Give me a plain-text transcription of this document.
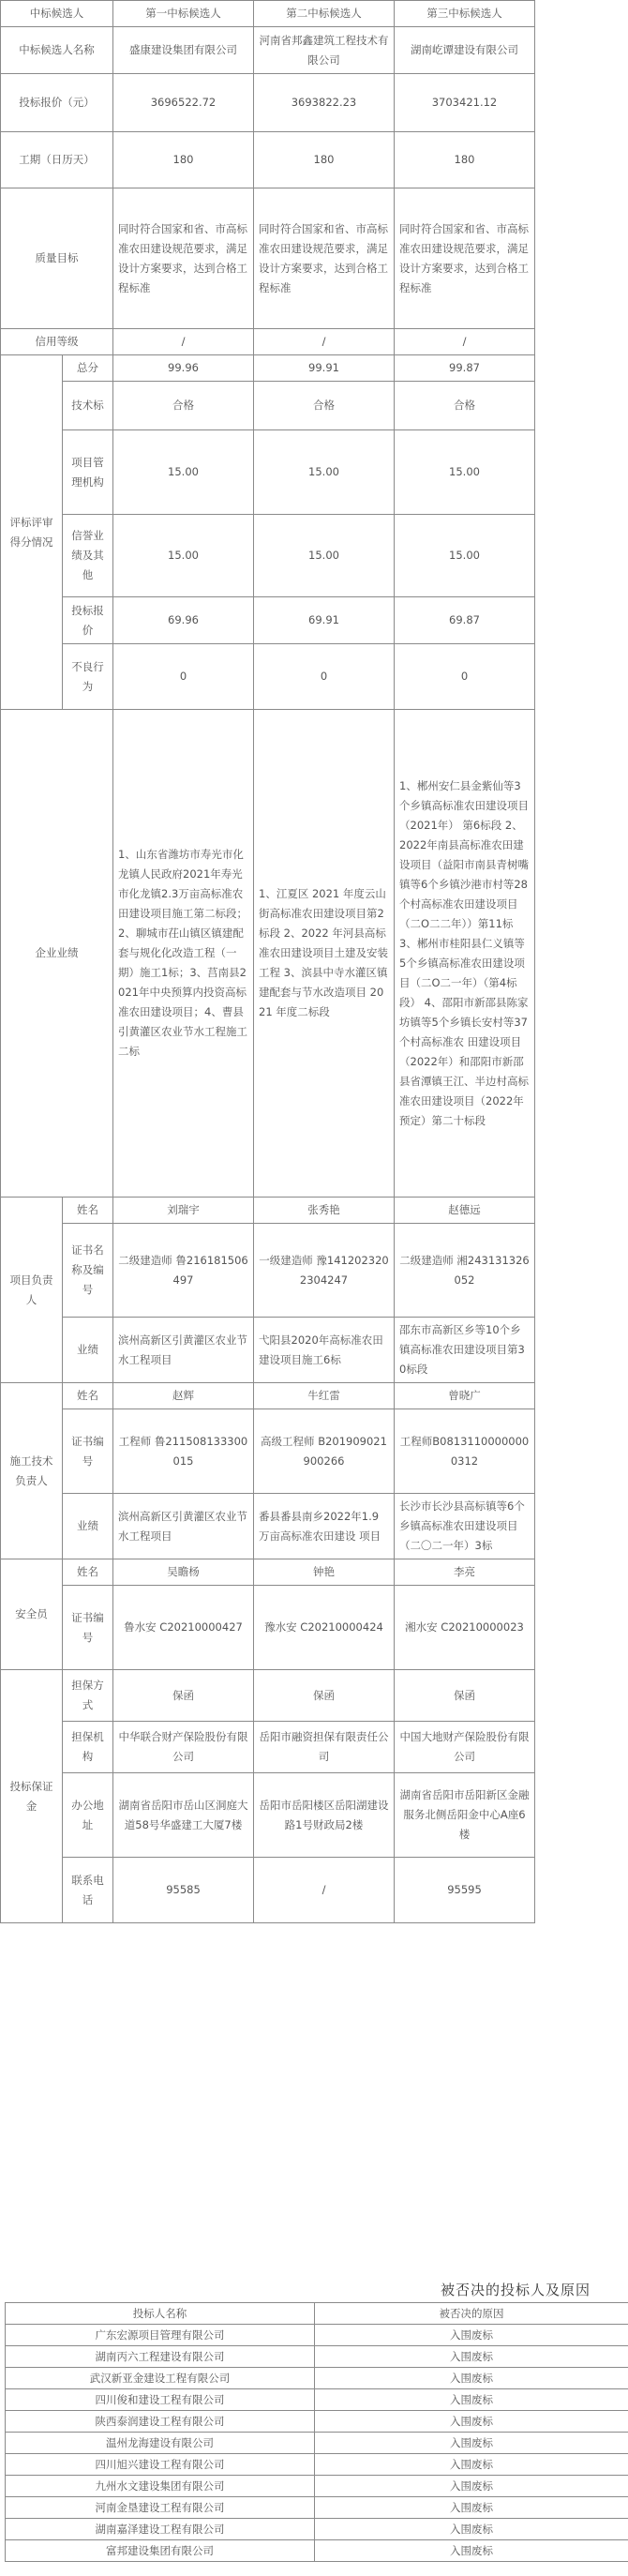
中标候选人		第一中标候选人	第二中标候选人	第三中标候选人	
中标候选人名称		盛康建设集团有限公司	河南省邦鑫建筑工程技术有限公司	湖南屹谭建设有限公司	
投标报价（元）		3696522.72	3693822.23	3703421.12	
工期（日历天）		180	180	180	
质量目标		同时符合国家和省、市高标准农田建设规范要求，满足设计方案要求，达到合格工程标准	同时符合国家和省、市高标准农田建设规范要求，满足设计方案要求，达到合格工程标准	同时符合国家和省、市高标准农田建设规范要求，满足设计方案要求，达到合格工程标准	
信用等级		/	/	/	
评标评审得分情况	总分	99.96	99.91	99.87	
	技术标	合格	合格	合格	
	项目管理机构	15.00	15.00	15.00	
	信誉业绩及其他	15.00	15.00	15.00	
	投标报价	69.96	69.91	69.87	
	不良行为	0	0	0	
企业业绩		1、山东省潍坊市寿光市化龙镇人民政府2021年寿光市化龙镇2.3万亩高标准农田建设项目施工第二标段；2、聊城市茌山镇区镇建配套与规化化改造工程（一期）施工1标；3、莒南县2021年中央预算内投资高标准农田建设项目；4、曹县引黄灌区农业节水工程施工二标	1、江夏区 2021 年度云山街高标准农田建设项目第2标段 2、2022 年河县高标准农田建设项目土建及安装工程 3、滨县中寺水灌区镇建配套与节水改造项目 2021 年度二标段	1、郴州安仁县金紫仙等3个乡镇高标准农田建设项目（2021年） 第6标段 2、2022年南县高标准农田建设项目（益阳市南县青树嘴镇等6个乡镇沙港市村等28个村高标准农田建设项目（二O二二年））第11标 3、郴州市桂阳县仁义镇等5个乡镇高标准农田建设项目（二O二一年）（第4标段） 4、邵阳市新邵县陈家坊镇等5个乡镇长安村等37个村高标准农 田建设项目（2022年）和邵阳市新邵县省潭镇王江、半边村高标准农田建设项目（2022年预定）第二十标段	
项目负责人	姓名	刘瑞宇	张秀艳	赵德远	
	证书名称及编号	二级建造师 鲁216181506497	一级建造师 豫1412023202304247	二级建造师 湘243131326052	
	业绩	滨州高新区引黄灌区农业节水工程项目	弋阳县2020年高标准农田建设项目施工6标	邵东市高新区乡等10个乡镇高标准农田建设项目第30标段	
施工技术负责人	姓名	赵辉	牛红雷	曾晓广	
	证书编号	工程师 鲁211508133300015	高级工程师 B201909021900266	工程师B08131100000000312	
	业绩	滨州高新区引黄灌区农业节水工程项目	番县番县南乡2022年1.9万亩高标准农田建设 项目	长沙市长沙县高标镇等6个乡镇高标准农田建设项目（二〇二一年）3标	
安全员	姓名	吴瞻杨	钟艳	李亮	
	证书编号	鲁水安 C20210000427	豫水安 C20210000424	湘水安 C20210000023	
投标保证金	担保方式	保函	保函	保函	
	担保机构	中华联合财产保险股份有限公司	岳阳市融资担保有限责任公司	中国大地财产保险股份有限公司	
	办公地址	湖南省岳阳市岳山区洞庭大道58号华盛建工大厦7楼	岳阳市岳阳楼区岳阳湖建设路1号财政局2楼	湖南省岳阳市岳阳新区金融服务北侧岳阳金中心A座6楼	
	联系电话	95585	/	95595	
被否决的投标人及原因
投标人名称	被否决的原因
广东宏源项目管理有限公司	入围废标
湖南丙六工程建设有限公司	入围废标
武汉新亚金建设工程有限公司	入围废标
四川俊和建设工程有限公司	入围废标
陕西泰润建设工程有限公司	入围废标
温州龙海建设有限公司	入围废标
四川旭兴建设工程有限公司	入围废标
九州水文建设集团有限公司	入围废标
河南金垦建设工程有限公司	入围废标
湖南嘉泽建设工程有限公司	入围废标
富邦建设集团有限公司	入围废标
